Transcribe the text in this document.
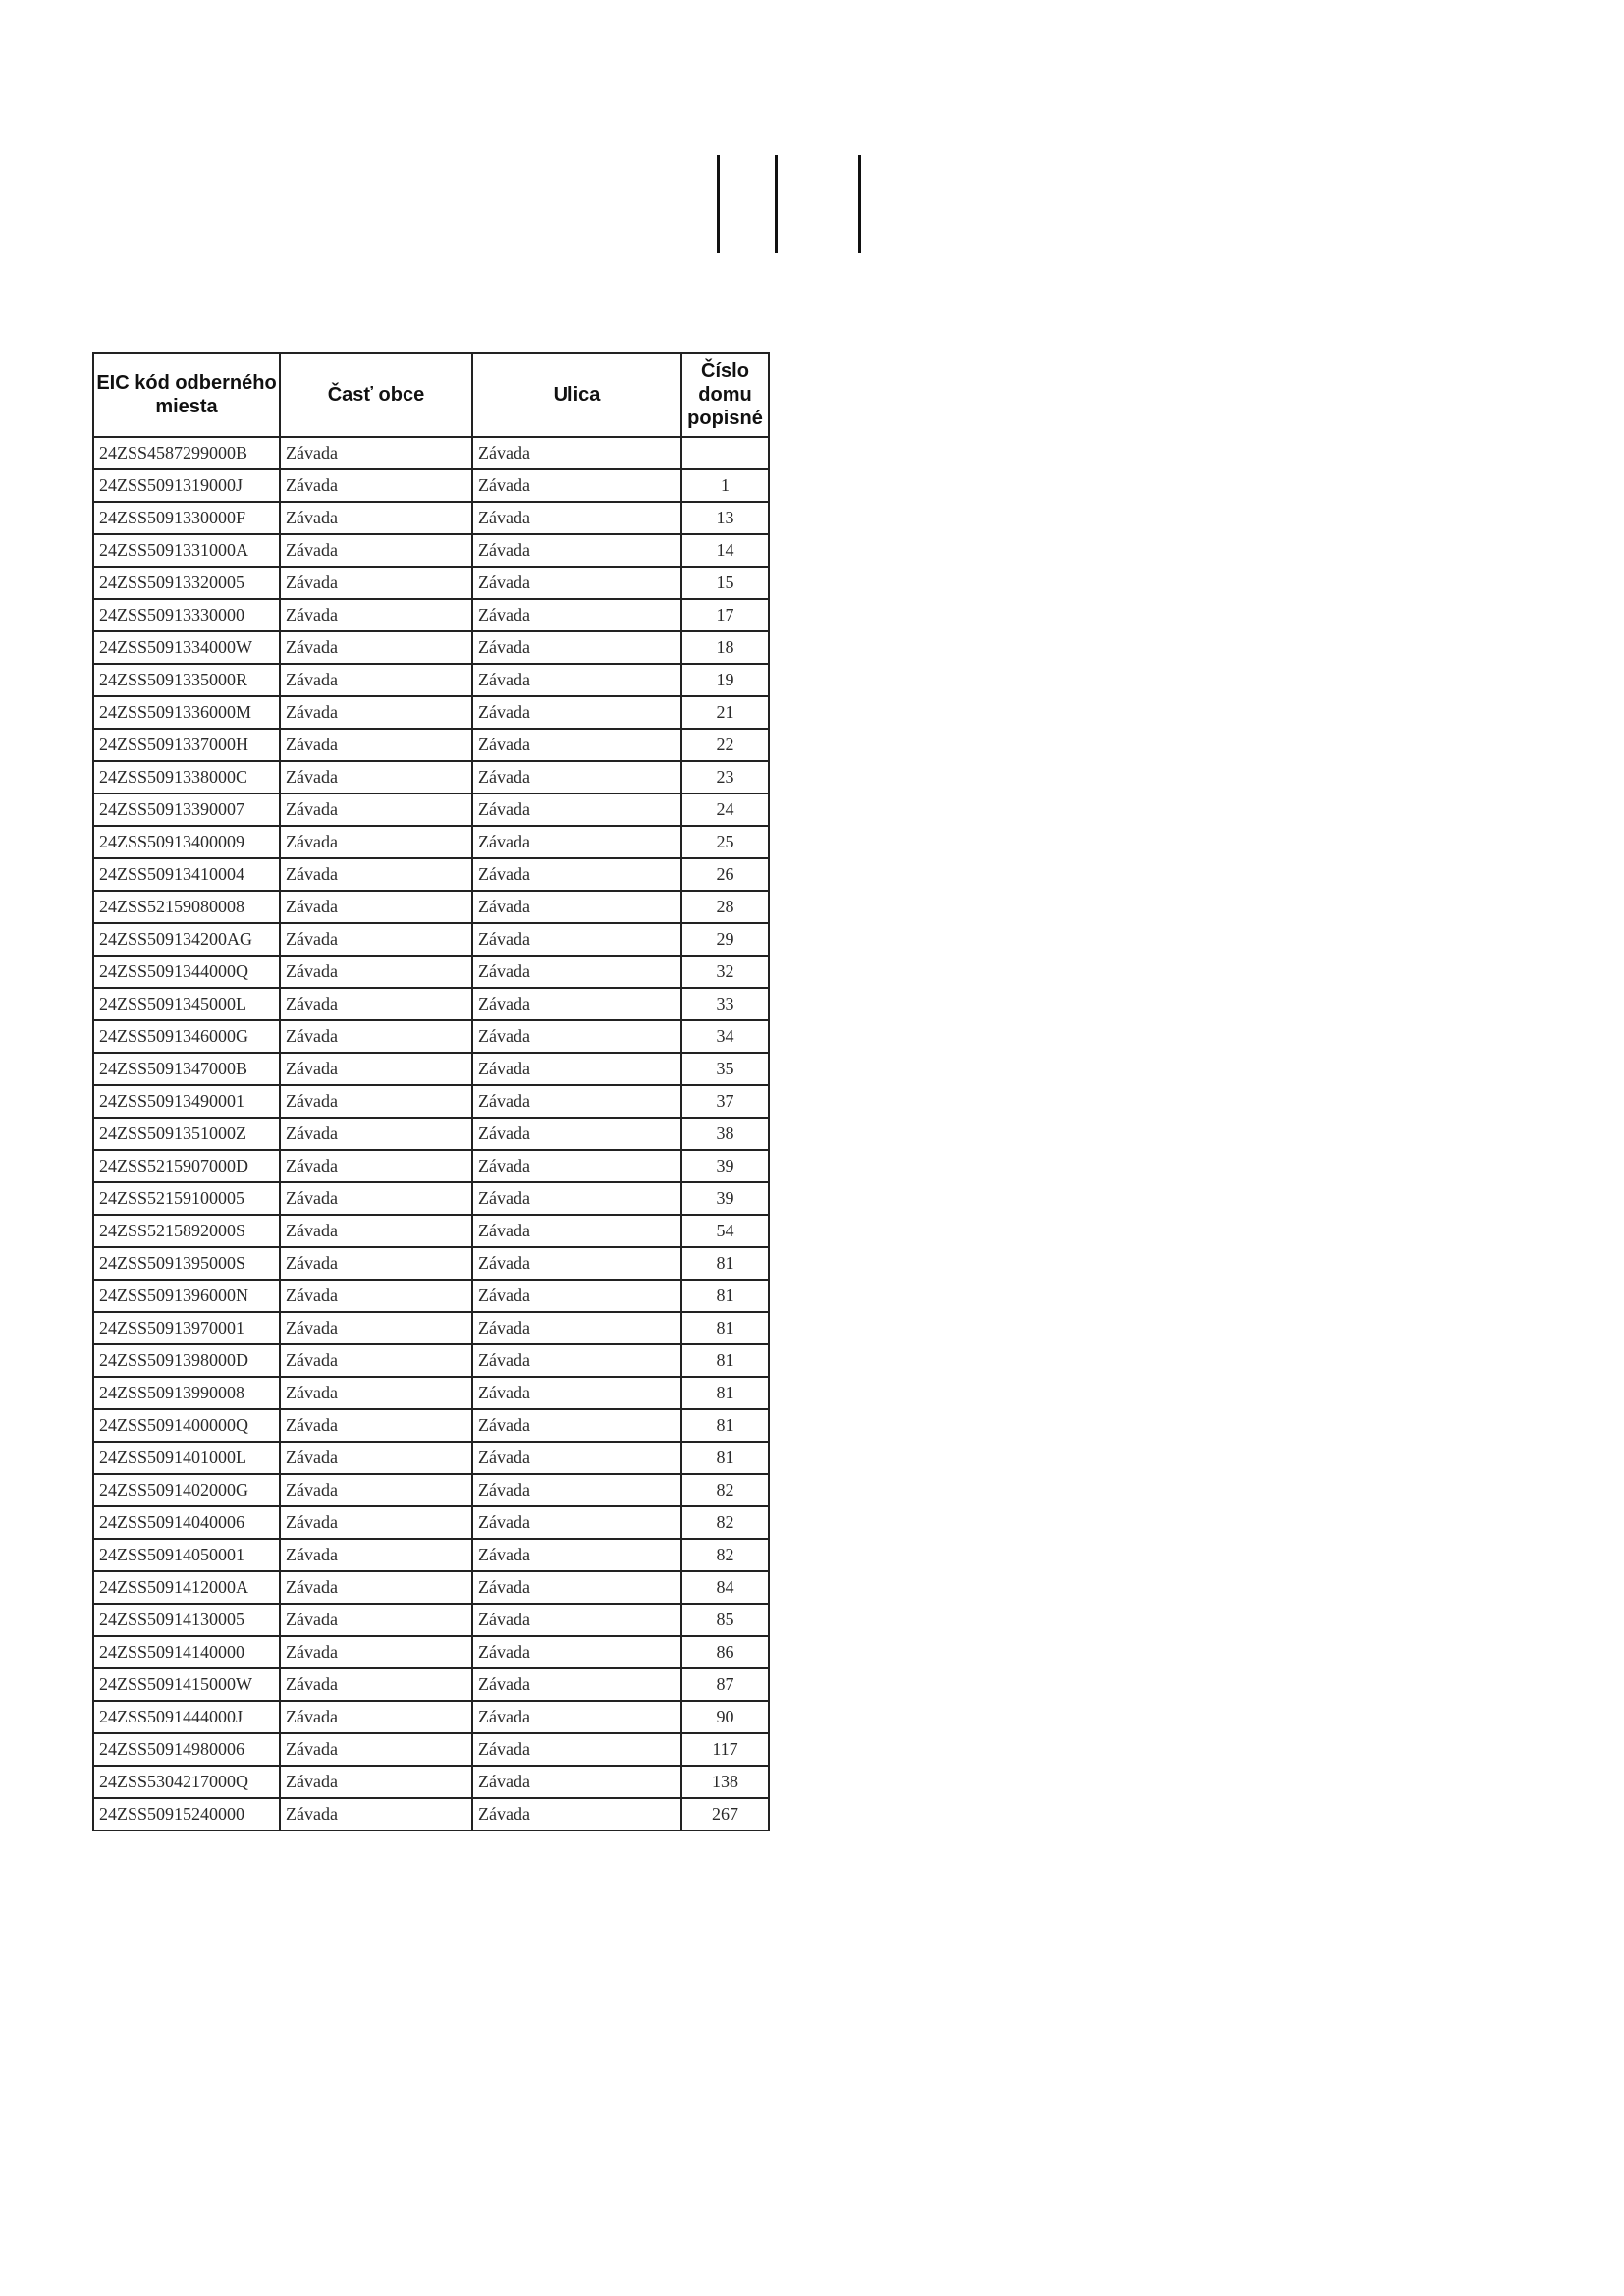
EIC kód odberného miesta	Časť obce	Ulica	Číslo domu popisné
24ZSS4587299000B	Závada	Závada	
24ZSS5091319000J	Závada	Závada	1
24ZSS5091330000F	Závada	Závada	13
24ZSS5091331000A	Závada	Závada	14
24ZSS50913320005	Závada	Závada	15
24ZSS50913330000	Závada	Závada	17
24ZSS5091334000W	Závada	Závada	18
24ZSS5091335000R	Závada	Závada	19
24ZSS5091336000M	Závada	Závada	21
24ZSS5091337000H	Závada	Závada	22
24ZSS5091338000C	Závada	Závada	23
24ZSS50913390007	Závada	Závada	24
24ZSS50913400009	Závada	Závada	25
24ZSS50913410004	Závada	Závada	26
24ZSS52159080008	Závada	Závada	28
24ZSS509134200AG	Závada	Závada	29
24ZSS5091344000Q	Závada	Závada	32
24ZSS5091345000L	Závada	Závada	33
24ZSS5091346000G	Závada	Závada	34
24ZSS5091347000B	Závada	Závada	35
24ZSS50913490001	Závada	Závada	37
24ZSS5091351000Z	Závada	Závada	38
24ZSS5215907000D	Závada	Závada	39
24ZSS52159100005	Závada	Závada	39
24ZSS5215892000S	Závada	Závada	54
24ZSS5091395000S	Závada	Závada	81
24ZSS5091396000N	Závada	Závada	81
24ZSS50913970001	Závada	Závada	81
24ZSS5091398000D	Závada	Závada	81
24ZSS50913990008	Závada	Závada	81
24ZSS5091400000Q	Závada	Závada	81
24ZSS5091401000L	Závada	Závada	81
24ZSS5091402000G	Závada	Závada	82
24ZSS50914040006	Závada	Závada	82
24ZSS50914050001	Závada	Závada	82
24ZSS5091412000A	Závada	Závada	84
24ZSS50914130005	Závada	Závada	85
24ZSS50914140000	Závada	Závada	86
24ZSS5091415000W	Závada	Závada	87
24ZSS5091444000J	Závada	Závada	90
24ZSS50914980006	Závada	Závada	117
24ZSS5304217000Q	Závada	Závada	138
24ZSS50915240000	Závada	Závada	267
